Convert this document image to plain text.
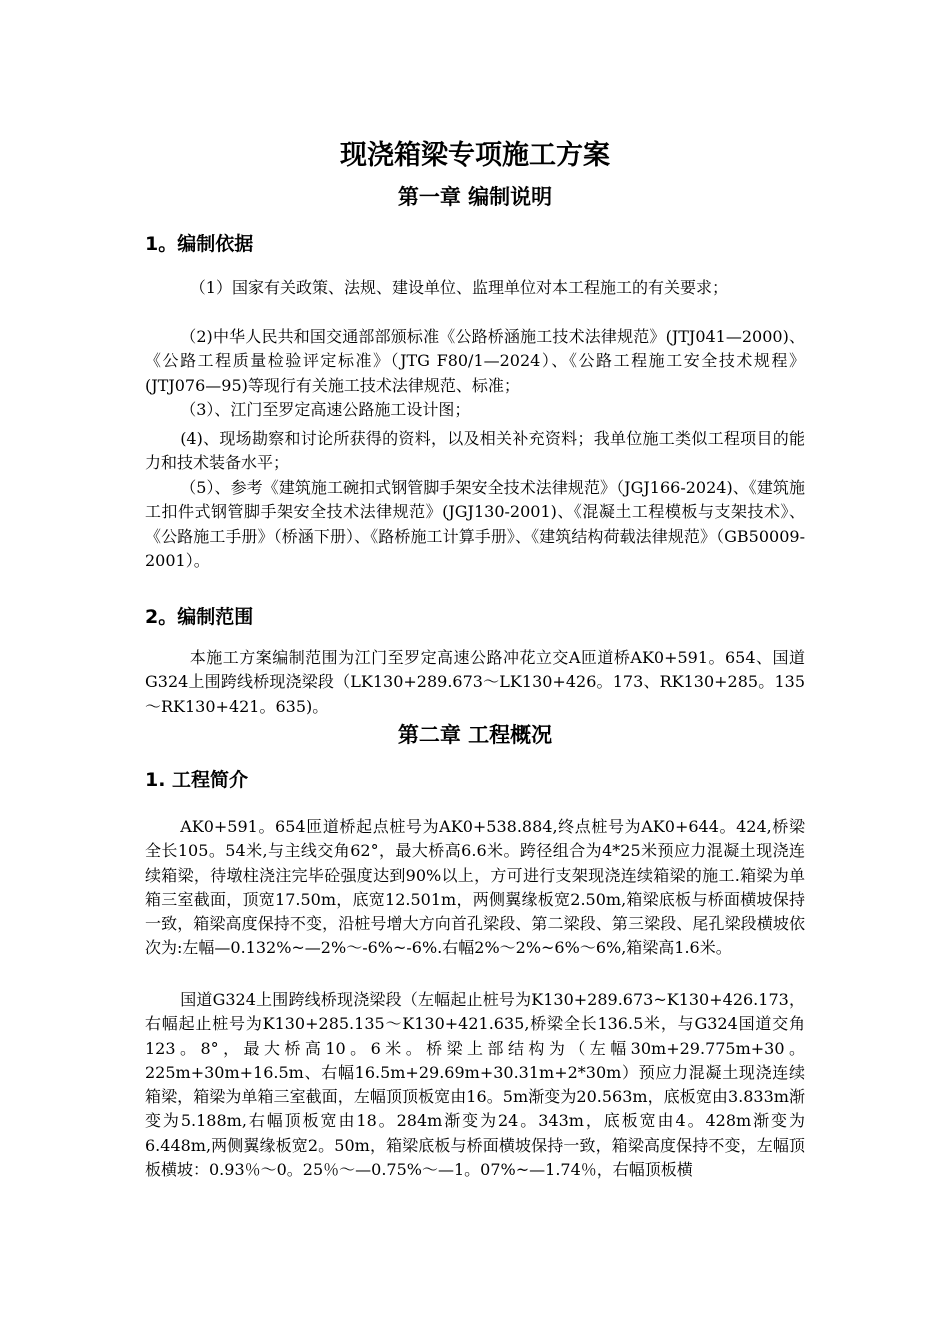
现浇箱梁专项施工方案
第一章 编制说明
1。编制依据

（1）国家有关政策、法规、建设单位、监理单位对本工程施工的有关要求；

（2)中华人民共和国交通部部颁标准《公路桥涵施工技术法律规范》(JTJ041—2000)、《公路工程质量检验评定标准》（JTG F80/1—2024）、《公路工程施工安全技术规程》(JTJ076—95)等现行有关施工技术法律规范、标准；

（3）、江门至罗定高速公路施工设计图；

(4)、现场勘察和讨论所获得的资料，以及相关补充资料；我单位施工类似工程项目的能力和技术装备水平；

（5）、参考《建筑施工碗扣式钢管脚手架安全技术法律规范》（JGJ166-2024)、《建筑施工扣件式钢管脚手架安全技术法律规范》(JGJ130-2001)、《混凝土工程模板与支架技术》、《公路施工手册》（桥涵下册）、《路桥施工计算手册》、《建筑结构荷载法律规范》（GB50009-2001）。

2。编制范围

本施工方案编制范围为江门至罗定高速公路冲花立交A匝道桥AK0+591。654、国道G324上围跨线桥现浇梁段（LK130+289.673～LK130+426。173、RK130+285。135～RK130+421。635)。

第二章 工程概况
1. 工程简介

AK0+591。654匝道桥起点桩号为AK0+538.884,终点桩号为AK0+644。424,桥梁全长105。54米,与主线交角62°，最大桥高6.6米。跨径组合为4*25米预应力混凝土现浇连续箱梁，待墩柱浇注完毕砼强度达到90%以上，方可进行支架现浇连续箱梁的施工.箱梁为单箱三室截面，顶宽17.50m，底宽12.501m，两侧翼缘板宽2.50m,箱梁底板与桥面横坡保持一致，箱梁高度保持不变，沿桩号增大方向首孔梁段、第二梁段、第三梁段、尾孔梁段横坡依次为:左幅—0.132%~—2%～-6%~-6%.右幅2%～2%~6%～6%,箱梁高1.6米。

国道G324上围跨线桥现浇梁段（左幅起止桩号为K130+289.673~K130+426.173，右幅起止桩号为K130+285.135～K130+421.635,桥梁全长136.5米，与G324国道交角123。8°，最大桥高10。6米。桥梁上部结构为（左幅30m+29.775m+30。225m+30m+16.5m、右幅16.5m+29.69m+30.31m+2*30m）预应力混凝土现浇连续箱梁，箱梁为单箱三室截面，左幅顶顶板宽由16。5m渐变为20.563m，底板宽由3.833m渐变为5.188m,右幅顶板宽由18。284m渐变为24。343m，底板宽由4。428m渐变为6.448m,两侧翼缘板宽2。50m，箱梁底板与桥面横坡保持一致，箱梁高度保持不变，左幅顶板横坡：0.93％～0。25％～—0.75%～—1。07%~—1.74％，右幅顶板横
